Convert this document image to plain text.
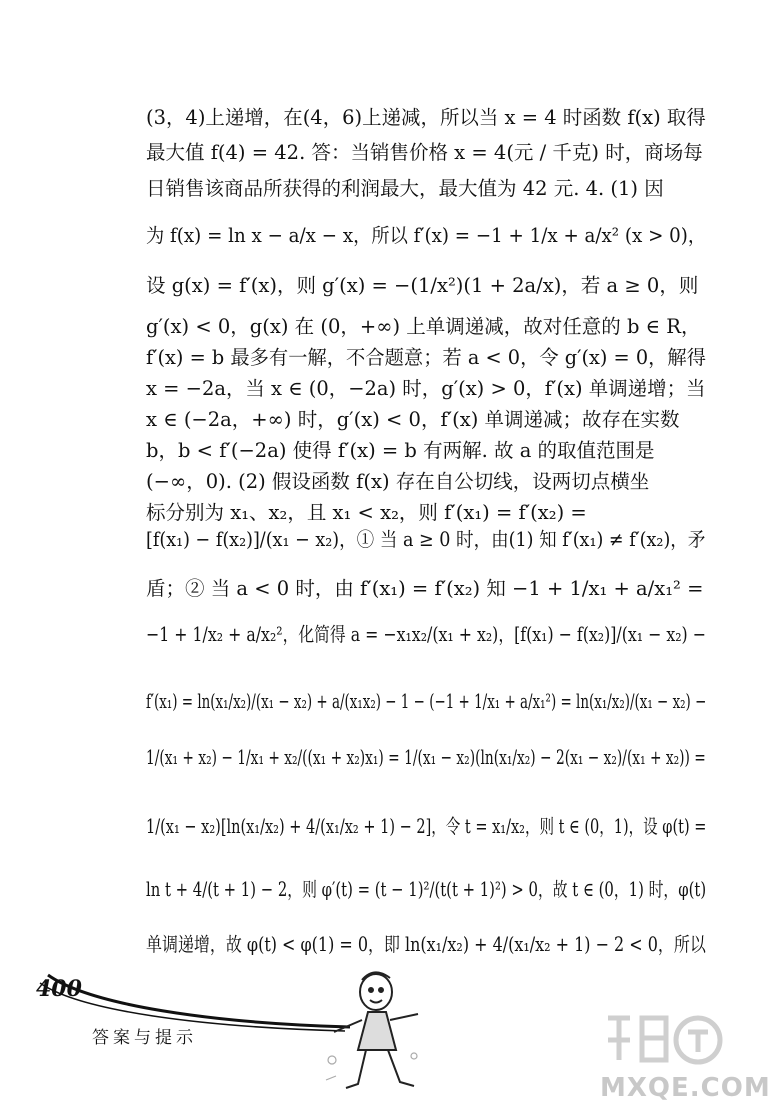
(3，4)上递增，在(4，6)上递减，所以当 x = 4 时函数 f(x) 取得
最大值 f(4) = 42. 答：当销售价格 x = 4(元 / 千克) 时，商场每
日销售该商品所获得的利润最大，最大值为 42 元. 4. (1) 因
为 f(x) = ln x − a/x − x，所以 f′(x) = −1 + 1/x + a/x² (x > 0)，
设 g(x) = f′(x)，则 g′(x) = −(1/x²)(1 + 2a/x)，若 a ≥ 0，则
g′(x) < 0，g(x) 在 (0，+∞) 上单调递减，故对任意的 b ∈ R，
f′(x) = b 最多有一解，不合题意；若 a < 0，令 g′(x) = 0，解得
x = −2a，当 x ∈ (0，−2a) 时，g′(x) > 0，f′(x) 单调递增；当
x ∈ (−2a，+∞) 时，g′(x) < 0，f′(x) 单调递减；故存在实数
b，b < f′(−2a) 使得 f′(x) = b 有两解. 故 a 的取值范围是
(−∞，0). (2) 假设函数 f(x) 存在自公切线，设两切点横坐
标分别为 x₁、x₂，且 x₁ < x₂，则 f′(x₁) = f′(x₂) =
[f(x₁) − f(x₂)]/(x₁ − x₂)，① 当 a ≥ 0 时，由(1) 知 f′(x₁) ≠ f′(x₂)，矛
盾；② 当 a < 0 时，由 f′(x₁) = f′(x₂) 知 −1 + 1/x₁ + a/x₁² =
−1 + 1/x₂ + a/x₂²，化简得 a = −x₁x₂/(x₁ + x₂)，[f(x₁) − f(x₂)]/(x₁ − x₂) −
f′(x₁) = ln(x₁/x₂)/(x₁ − x₂) + a/(x₁x₂) − 1 − (−1 + 1/x₁ + a/x₁²) = ln(x₁/x₂)/(x₁ − x₂) −
1/(x₁ + x₂) − 1/x₁ + x₂/((x₁ + x₂)x₁) = 1/(x₁ − x₂)(ln(x₁/x₂) − 2(x₁ − x₂)/(x₁ + x₂)) =
1/(x₁ − x₂)[ln(x₁/x₂) + 4/(x₁/x₂ + 1) − 2]，令 t = x₁/x₂，则 t ∈ (0，1)，设 φ(t) =
ln t + 4/(t + 1) − 2，则 φ′(t) = (t − 1)²/(t(t + 1)²) > 0，故 t ∈ (0，1) 时，φ(t)
单调递增，故 φ(t) < φ(1) = 0，即 ln(x₁/x₂) + 4/(x₁/x₂ + 1) − 2 < 0，所以
400
答案与提示
MXQE.COM
